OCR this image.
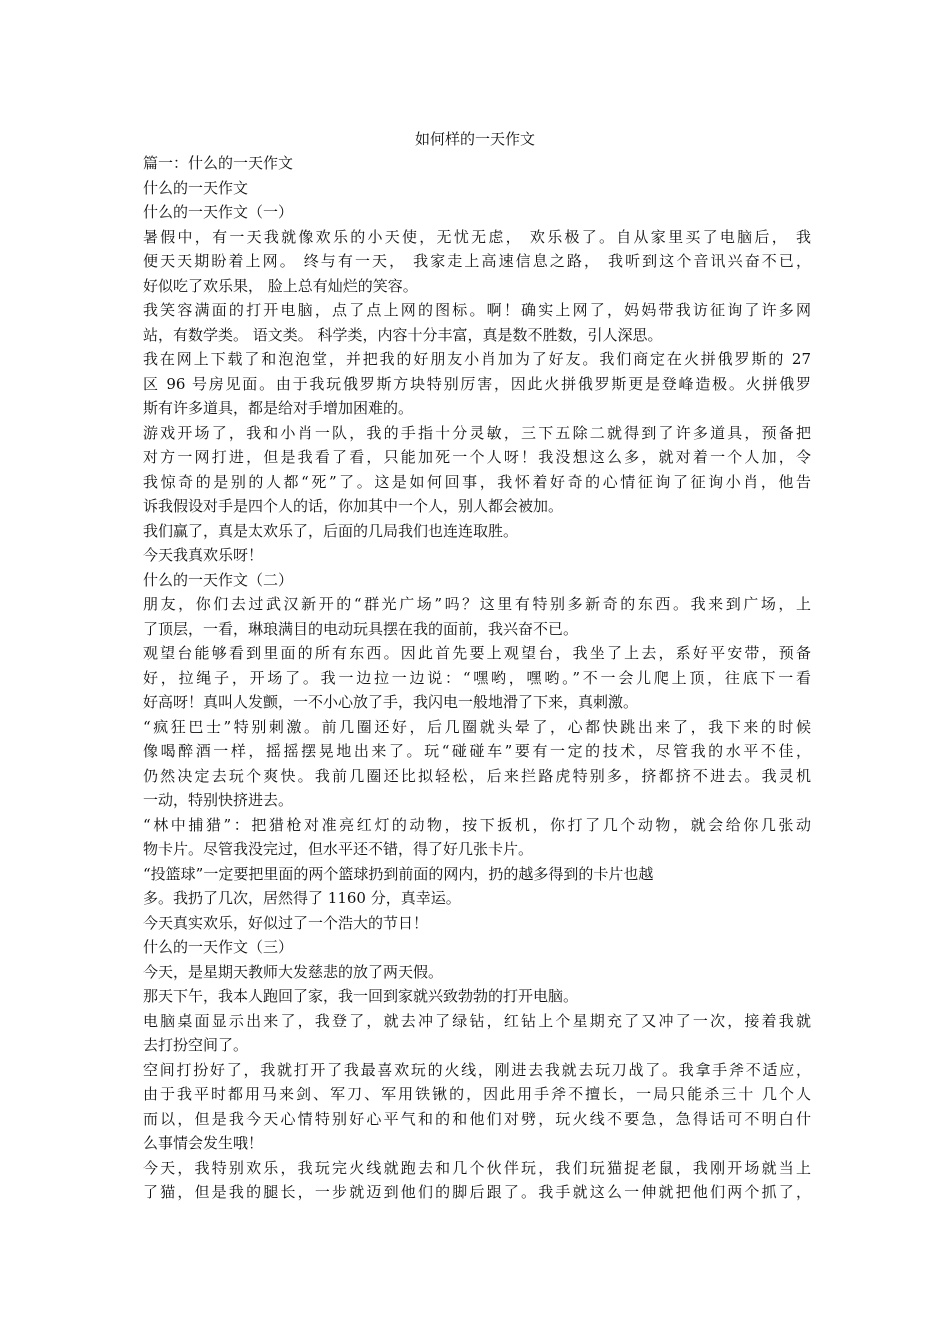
如何样的一天作文
篇一：什么的一天作文
什么的一天作文
什么的一天作文（一）
暑假中，有一天我就像欢乐的小天使，无忧无虑， 欢乐极了。自从家里买了电脑后， 我
便天天期盼着上网。 终与有一天， 我家走上高速信息之路， 我听到这个音讯兴奋不已，
好似吃了欢乐果， 脸上总有灿烂的笑容。
我笑容满面的打开电脑，点了点上网的图标。啊！确实上网了，妈妈带我访征询了许多网
站，有数学类。 语文类。 科学类，内容十分丰富，真是数不胜数，引人深思。
我在网上下载了和泡泡堂，并把我的好朋友小肖加为了好友。我们商定在火拼俄罗斯的 27
区 96 号房见面。由于我玩俄罗斯方块特别厉害，因此火拼俄罗斯更是登峰造极。火拼俄罗
斯有许多道具，都是给对手增加困难的。
游戏开场了，我和小肖一队，我的手指十分灵敏，三下五除二就得到了许多道具，预备把
对方一网打进，但是我看了看，只能加死一个人呀！我没想这么多，就对着一个人加，令
我惊奇的是别的人都“死”了。这是如何回事，我怀着好奇的心情征询了征询小肖，他告
诉我假设对手是四个人的话，你加其中一个人，别人都会被加。
我们赢了，真是太欢乐了，后面的几局我们也连连取胜。
今天我真欢乐呀！
什么的一天作文（二）
朋友，你们去过武汉新开的“群光广场”吗？这里有特别多新奇的东西。我来到广场，上
了顶层，一看，琳琅满目的电动玩具摆在我的面前，我兴奋不已。
观望台能够看到里面的所有东西。因此首先要上观望台，我坐了上去，系好平安带，预备
好，拉绳子，开场了。我一边拉一边说：“嘿哟，嘿哟。”不一会儿爬上顶，往底下一看
好高呀！真叫人发颤，一不小心放了手，我闪电一般地滑了下来，真刺激。
“疯狂巴士”特别刺激。前几圈还好，后几圈就头晕了，心都快跳出来了，我下来的时候
像喝醉酒一样，摇摇摆晃地出来了。玩“碰碰车”要有一定的技术，尽管我的水平不佳，
仍然决定去玩个爽快。我前几圈还比拟轻松，后来拦路虎特别多，挤都挤不进去。我灵机
一动，特别快挤进去。
“林中捕猎”：把猎枪对准亮红灯的动物，按下扳机，你打了几个动物，就会给你几张动
物卡片。尽管我没完过，但水平还不错，得了好几张卡片。
“投篮球”一定要把里面的两个篮球扔到前面的网内，扔的越多得到的卡片也越
多。我扔了几次，居然得了 1160 分，真幸运。
今天真实欢乐，好似过了一个浩大的节日！
什么的一天作文（三）
今天，是星期天教师大发慈悲的放了两天假。
那天下午，我本人跑回了家，我一回到家就兴致勃勃的打开电脑。
电脑桌面显示出来了，我登了，就去冲了绿钻，红钻上个星期充了又冲了一次，接着我就
去打扮空间了。
空间打扮好了，我就打开了我最喜欢玩的火线，刚进去我就去玩刀战了。我拿手斧不适应，
由于我平时都用马来剑、军刀、军用铁锹的，因此用手斧不擅长，一局只能杀三十 几个人
而以，但是我今天心情特别好心平气和的和他们对劈，玩火线不要急，急得话可不明白什
么事情会发生哦！
今天，我特别欢乐，我玩完火线就跑去和几个伙伴玩，我们玩猫捉老鼠，我刚开场就当上
了猫，但是我的腿长，一步就迈到他们的脚后跟了。我手就这么一伸就把他们两个抓了，
